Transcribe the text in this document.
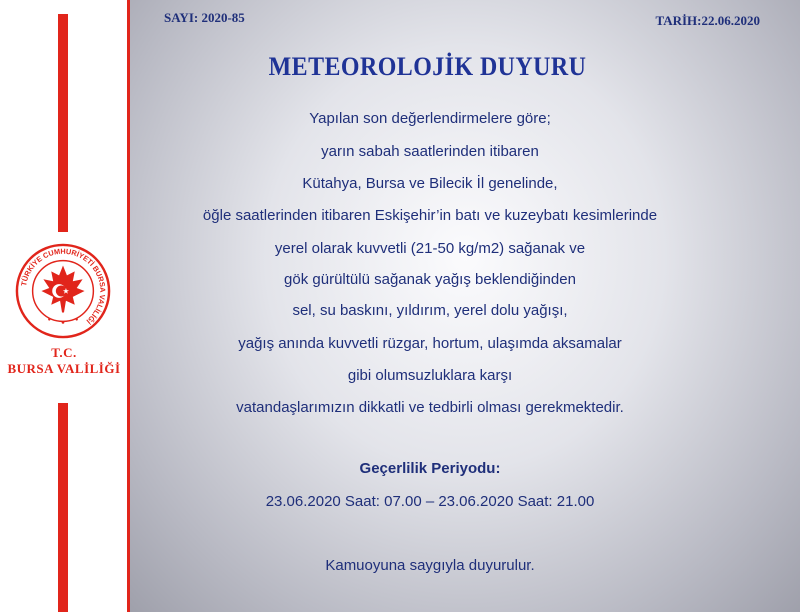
TÜRKİYE CUMHURİYETİ BURSA VALİLİĞİ
T.C.
BURSA VALİLİĞİ
SAYI: 2020-85	TARİH:22.06.2020
METEOROLOJİK DUYURU
Yapılan son değerlendirmelere göre;
yarın sabah saatlerinden itibaren
Kütahya, Bursa ve Bilecik İl genelinde,
öğle saatlerinden itibaren Eskişehir’in batı ve kuzeybatı kesimlerinde
yerel olarak kuvvetli (21-50 kg/m2) sağanak ve
gök gürültülü sağanak yağış beklendiğinden
sel, su baskını, yıldırım, yerel dolu yağışı,
yağış anında kuvvetli rüzgar, hortum, ulaşımda aksamalar
gibi olumsuzluklara karşı
vatandaşlarımızın dikkatli ve tedbirli olması gerekmektedir.
Geçerlilik Periyodu:
23.06.2020 Saat: 07.00 – 23.06.2020 Saat: 21.00
Kamuoyuna saygıyla duyurulur.
